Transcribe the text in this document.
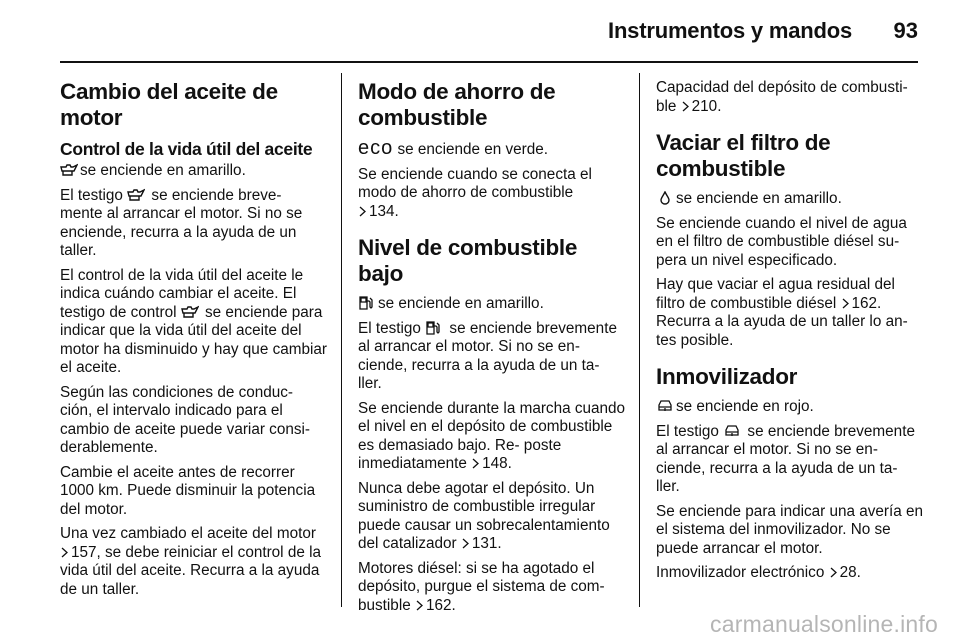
Instrumentos y mandos 93
Cambio del aceite de motor
Control de la vida útil del aceite

se enciende en amarillo.

El testigo se enciende breve- mente al arrancar el motor. Si no se enciende, recurra a la ayuda de un taller.

El control de la vida útil del aceite le indica cuándo cambiar el aceite. El testigo de control se enciende para indicar que la vida útil del aceite del motor ha disminuido y hay que cambiar el aceite.

Según las condiciones de conduc- ción, el intervalo indicado para el cambio de aceite puede variar consi- derablemente.

Cambie el aceite antes de recorrer 1000 km. Puede disminuir la potencia del motor.

Una vez cambiado el aceite del motor 157, se debe reiniciar el control de la vida útil del aceite. Recurra a la ayuda de un taller.

Modo de ahorro de combustible

eco se enciende en verde.

Se enciende cuando se conecta el modo de ahorro de combustible
134.

Nivel de combustible bajo

se enciende en amarillo.

El testigo se enciende brevemente al arrancar el motor. Si no se en- ciende, recurra a la ayuda de un ta- ller.

Se enciende durante la marcha cuando el nivel en el depósito de combustible es demasiado bajo. Re- poste inmediatamente 148.

Nunca debe agotar el depósito. Un suministro de combustible irregular puede causar un sobrecalentamiento del catalizador 131.

Motores diésel: si se ha agotado el depósito, purgue el sistema de com- bustible 162.

Capacidad del depósito de combusti- ble 210.

Vaciar el filtro de combustible

se enciende en amarillo.

Se enciende cuando el nivel de agua en el filtro de combustible diésel su- pera un nivel especificado.

Hay que vaciar el agua residual del filtro de combustible diésel 162. Recurra a la ayuda de un taller lo an- tes posible.

Inmovilizador

se enciende en rojo.

El testigo se enciende brevemente al arrancar el motor. Si no se en- ciende, recurra a la ayuda de un ta- ller.

Se enciende para indicar una avería en el sistema del inmovilizador. No se puede arrancar el motor.

Inmovilizador electrónico 28.

carmanualsonline.info
